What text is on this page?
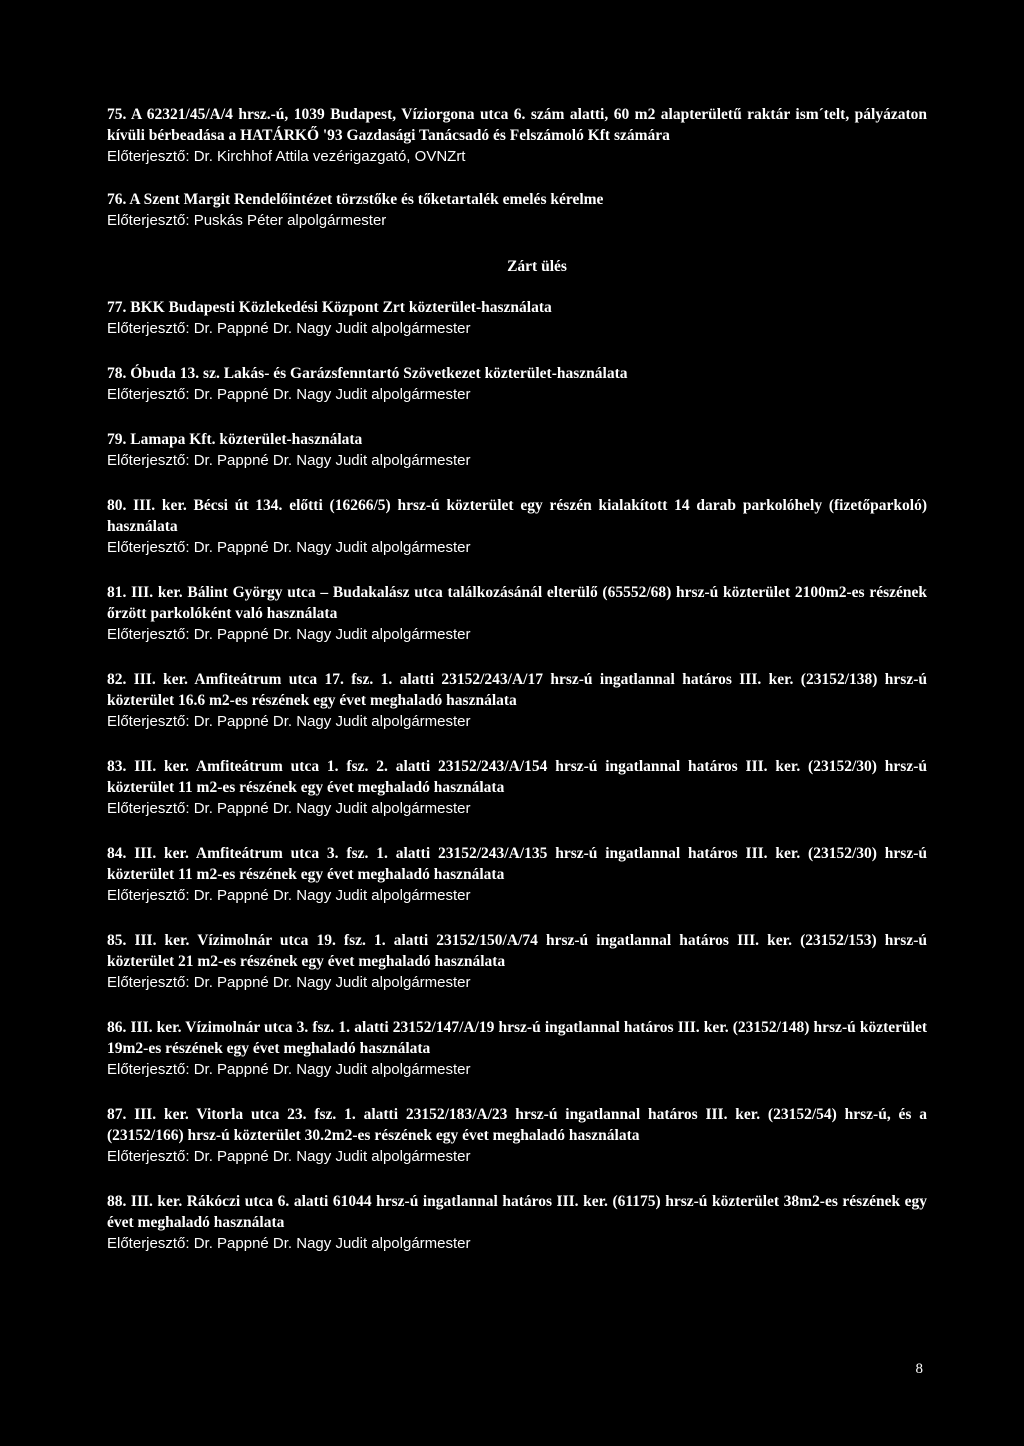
75. A 62321/45/A/4 hrsz.-ú, 1039 Budapest, Víziorgona utca 6. szám alatti, 60 m2 alapterületű raktár ism´telt, pályázaton kívüli bérbeadása a HATÁRKŐ '93 Gazdasági Tanácsadó és Felszámoló Kft számára
Előterjesztő: Dr. Kirchhof Attila vezérigazgató, OVNZrt
76. A Szent Margit Rendelőintézet törzstőke és tőketartalék emelés kérelme
Előterjesztő: Puskás Péter alpolgármester
Zárt ülés
77. BKK Budapesti Közlekedési Központ Zrt közterület-használata
Előterjesztő: Dr. Pappné Dr. Nagy Judit alpolgármester
78. Óbuda 13. sz. Lakás- és Garázsfenntartó Szövetkezet közterület-használata
Előterjesztő: Dr. Pappné Dr. Nagy Judit alpolgármester
79. Lamapa Kft. közterület-használata
Előterjesztő: Dr. Pappné Dr. Nagy Judit alpolgármester
80. III. ker. Bécsi út 134. előtti (16266/5) hrsz-ú közterület egy részén kialakított 14 darab parkolóhely (fizetőparkoló) használata
Előterjesztő: Dr. Pappné Dr. Nagy Judit alpolgármester
81. III. ker. Bálint György utca – Budakalász utca találkozásánál elterülő (65552/68) hrsz-ú közterület 2100m2-es részének őrzött parkolóként való használata
Előterjesztő: Dr. Pappné Dr. Nagy Judit alpolgármester
82. III. ker. Amfiteátrum utca 17. fsz. 1. alatti 23152/243/A/17 hrsz-ú ingatlannal határos III. ker. (23152/138) hrsz-ú közterület 16.6 m2-es részének egy évet meghaladó használata
Előterjesztő: Dr. Pappné Dr. Nagy Judit alpolgármester
83. III. ker. Amfiteátrum utca 1. fsz. 2. alatti 23152/243/A/154 hrsz-ú ingatlannal határos III. ker. (23152/30) hrsz-ú közterület 11 m2-es részének egy évet meghaladó használata
Előterjesztő: Dr. Pappné Dr. Nagy Judit alpolgármester
84. III. ker. Amfiteátrum utca 3. fsz. 1. alatti 23152/243/A/135 hrsz-ú ingatlannal határos III. ker. (23152/30) hrsz-ú közterület 11 m2-es részének egy évet meghaladó használata
Előterjesztő: Dr. Pappné Dr. Nagy Judit alpolgármester
85. III. ker. Vízimolnár utca 19. fsz. 1. alatti 23152/150/A/74 hrsz-ú ingatlannal határos III. ker. (23152/153) hrsz-ú közterület 21 m2-es részének egy évet meghaladó használata
Előterjesztő: Dr. Pappné Dr. Nagy Judit alpolgármester
86. III. ker. Vízimolnár utca 3. fsz. 1. alatti 23152/147/A/19 hrsz-ú ingatlannal határos III. ker. (23152/148) hrsz-ú közterület 19m2-es részének egy évet meghaladó használata
Előterjesztő: Dr. Pappné Dr. Nagy Judit alpolgármester
87. III. ker. Vitorla utca 23. fsz. 1. alatti 23152/183/A/23 hrsz-ú ingatlannal határos III. ker. (23152/54) hrsz-ú, és a (23152/166) hrsz-ú közterület 30.2m2-es részének egy évet meghaladó használata
Előterjesztő: Dr. Pappné Dr. Nagy Judit alpolgármester
88. III. ker. Rákóczi utca 6. alatti 61044 hrsz-ú ingatlannal határos III. ker. (61175) hrsz-ú közterület 38m2-es részének egy évet meghaladó használata
Előterjesztő: Dr. Pappné Dr. Nagy Judit alpolgármester
8
